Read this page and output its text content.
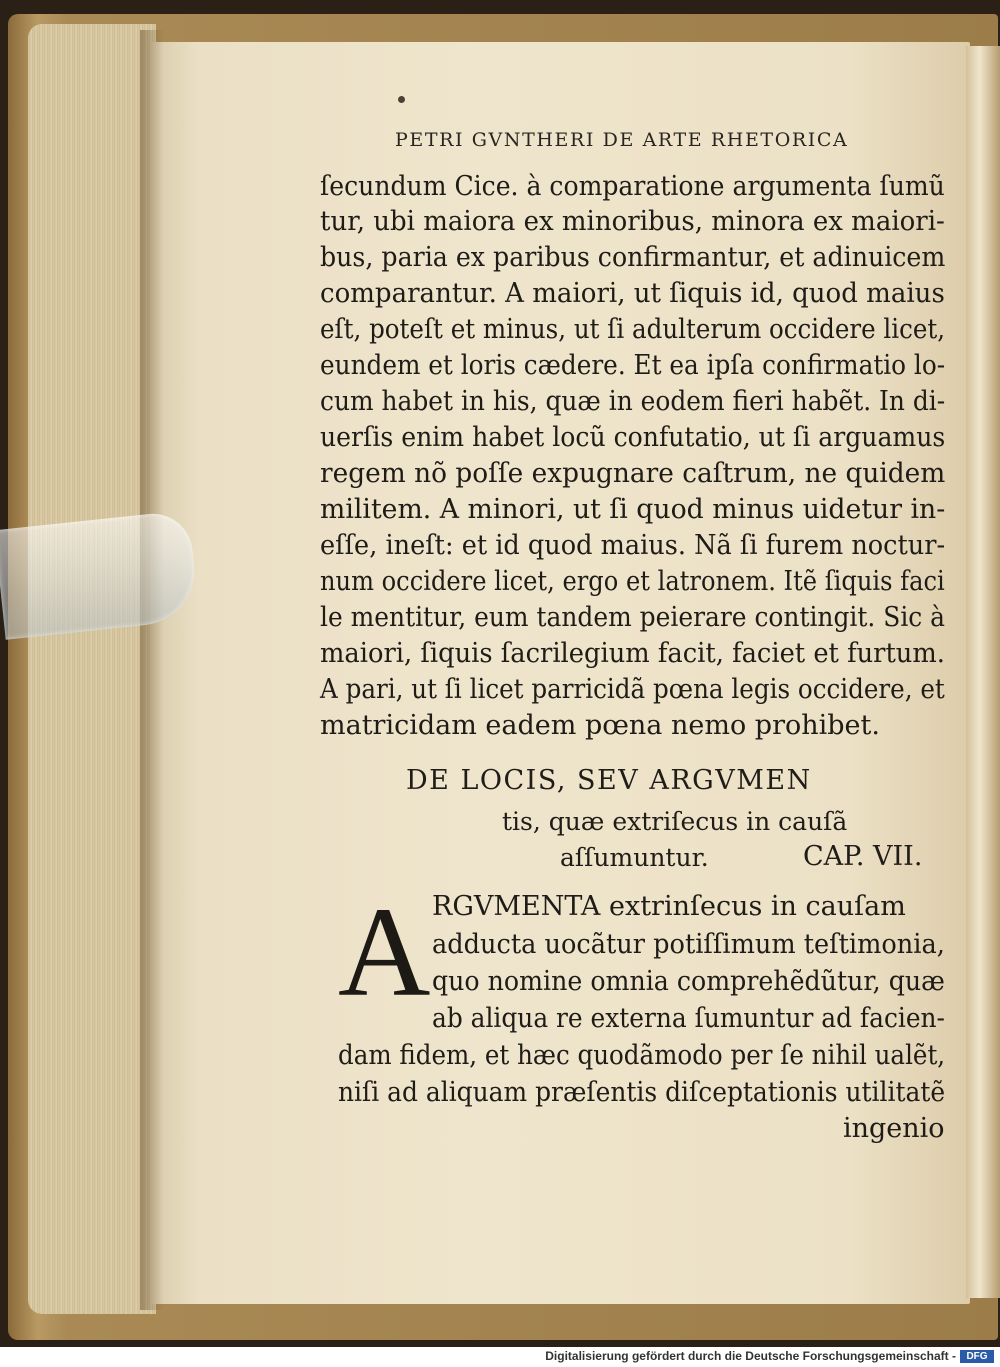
PETRI GVNTHERI DE ARTE RHETORICA
ſecundum Cice. à comparatione argumenta ſumũ
tur, ubi maiora ex minoribus, minora ex maiori-
bus, paria ex paribus confirmantur, et adinuicem
comparantur. A maiori, ut ſiquis id, quod maius
eſt, poteſt et minus, ut ſi adulterum occidere licet,
eundem et loris cædere. Et ea ipſa confirmatio lo-
cum habet in his, quæ in eodem fieri habẽt. In di-
uerſis enim habet locũ confutatio, ut ſi arguamus
regem nõ poſſe expugnare caſtrum, ne quidem
militem. A minori, ut ſi quod minus uidetur in-
eſſe, ineſt: et id quod maius. Nã ſi furem noctur-
num occidere licet, ergo et latronem. Itẽ ſiquis faci
le mentitur, eum tandem peierare contingit. Sic à
maiori, ſiquis ſacrilegium facit, faciet et furtum.
A pari, ut ſi licet parricidã pœna legis occidere, et
matricidam eadem pœna nemo prohibet.
DE LOCIS, SEV ARGVMEN
tis, quæ extriſecus in cauſã
aſſumuntur.	CAP. VII.
A RGVMENTA extrinſecus in cauſam
adducta uocãtur potiſſimum teſtimonia,
quo nomine omnia comprehẽdũtur, quæ
ab aliqua re externa ſumuntur ad facien-
dam fidem, et hæc quodãmodo per ſe nihil ualẽt,
niſi ad aliquam præſentis diſceptationis utilitatẽ
ingenio
Digitalisierung gefördert durch die Deutsche Forschungsgemeinschaft -	DFG
